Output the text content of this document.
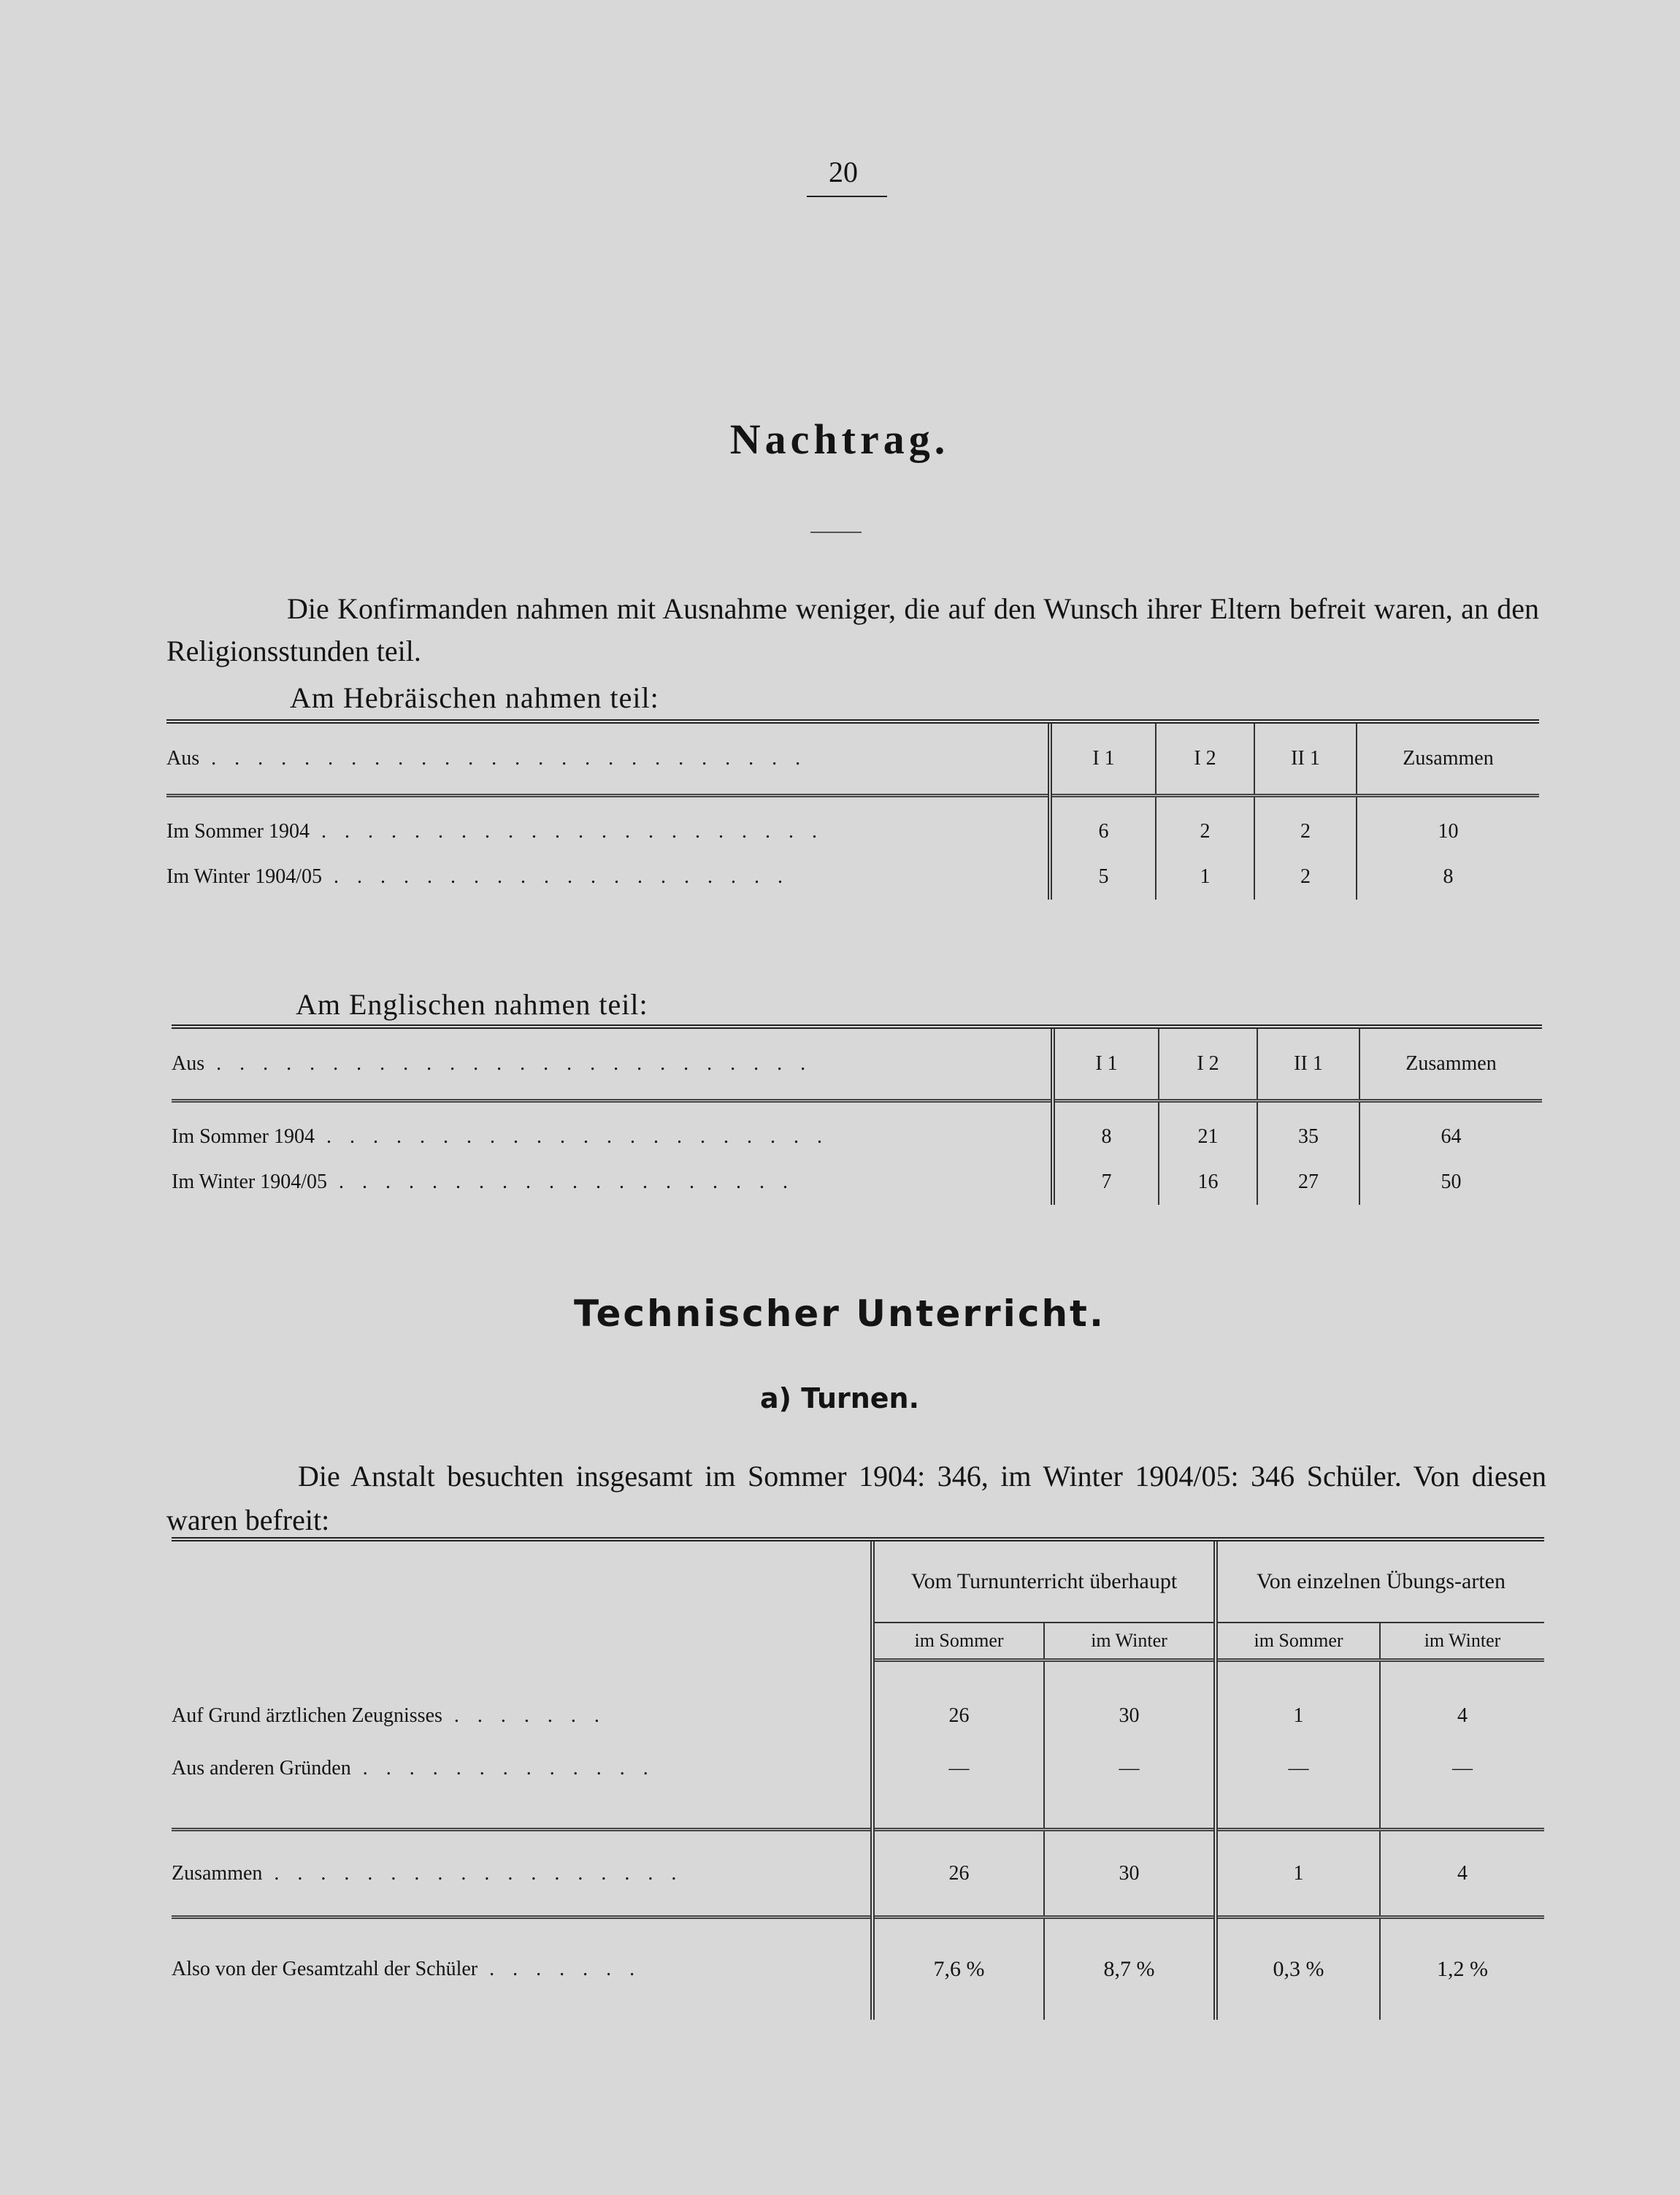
20
Nachtrag.
Die Konfirmanden nahmen mit Ausnahme weniger, die auf den Wunsch ihrer Eltern befreit waren, an den Religionsstunden teil.
Am Hebräischen nahmen teil:
Aus . . . . . . . . . . . . . . . . . . . . . . . . . .	I 1	I 2	II 1	Zusammen

Im Sommer 1904 . . . . . . . . . . . . . . . . . . . . . .	6	2	2	10
Im Winter 1904/05 . . . . . . . . . . . . . . . . . . . .	5	1	2	8
Am Englischen nahmen teil:
Aus . . . . . . . . . . . . . . . . . . . . . . . . . .	I 1	I 2	II 1	Zusammen

Im Sommer 1904 . . . . . . . . . . . . . . . . . . . . . .	8	21	35	64
Im Winter 1904/05 . . . . . . . . . . . . . . . . . . . .	7	16	27	50
Technischer Unterricht.
a) Turnen.
Die Anstalt besuchten insgesamt im Sommer 1904: 346, im Winter 1904/05: 346 Schüler. Von diesen waren befreit:
	Vom Turnunterricht überhaupt		Von einzelnen Übungs-arten	
	im Sommer	im Winter	im Sommer	im Winter

Auf Grund ärztlichen Zeugnisses . . . . . . .	26	30	1	4
Aus anderen Gründen . . . . . . . . . . . . .	—	—	—	—

Zusammen . . . . . . . . . . . . . . . . . .	26	30	1	4
Also von der Gesamtzahl der Schüler . . . . . . .	7,6 %	8,7 %	0,3 %	1,2 %
